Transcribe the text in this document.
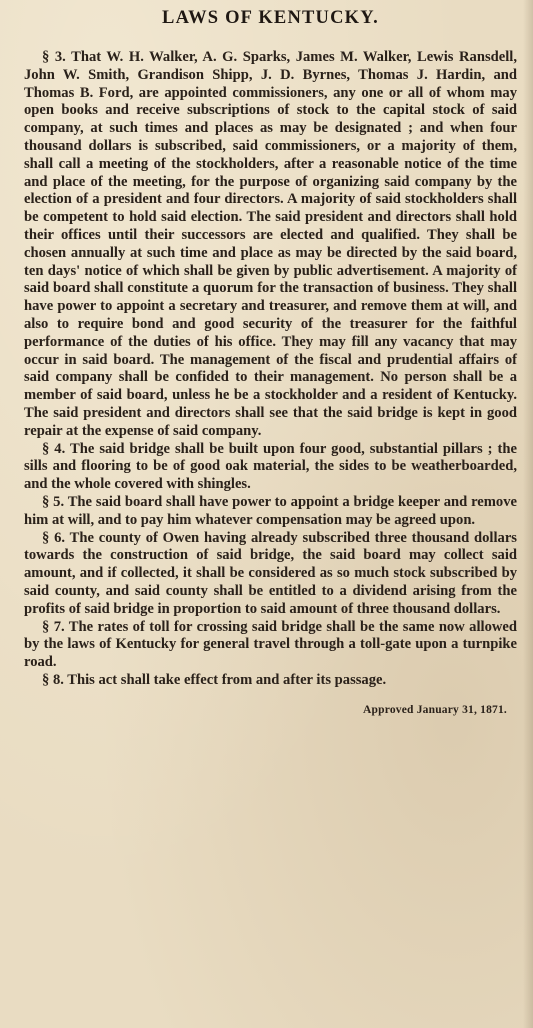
LAWS OF KENTUCKY.

§ 3. That W. H. Walker, A. G. Sparks, James M. Walker, Lewis Ransdell, John W. Smith, Grandison Shipp, J. D. Byrnes, Thomas J. Hardin, and Thomas B. Ford, are appointed commissioners, any one or all of whom may open books and receive subscriptions of stock to the capital stock of said company, at such times and places as may be designated ; and when four thousand dollars is subscribed, said commissioners, or a majority of them, shall call a meeting of the stockholders, after a reasonable notice of the time and place of the meeting, for the purpose of organizing said company by the election of a president and four directors. A majority of said stockholders shall be competent to hold said election. The said president and directors shall hold their offices until their successors are elected and qualified. They shall be chosen annually at such time and place as may be directed by the said board, ten days' notice of which shall be given by public advertisement. A majority of said board shall constitute a quorum for the transaction of business. They shall have power to appoint a secretary and treasurer, and remove them at will, and also to require bond and good security of the treasurer for the faithful performance of the duties of his office. They may fill any vacancy that may occur in said board. The management of the fiscal and prudential affairs of said company shall be confided to their management. No person shall be a member of said board, unless he be a stockholder and a resident of Kentucky. The said president and directors shall see that the said bridge is kept in good repair at the expense of said company.

§ 4. The said bridge shall be built upon four good, substantial pillars ; the sills and flooring to be of good oak material, the sides to be weatherboarded, and the whole covered with shingles.

§ 5. The said board shall have power to appoint a bridge keeper and remove him at will, and to pay him whatever compensation may be agreed upon.

§ 6. The county of Owen having already subscribed three thousand dollars towards the construction of said bridge, the said board may collect said amount, and if collected, it shall be considered as so much stock subscribed by said county, and said county shall be entitled to a dividend arising from the profits of said bridge in proportion to said amount of three thousand dollars.

§ 7. The rates of toll for crossing said bridge shall be the same now allowed by the laws of Kentucky for general travel through a toll-gate upon a turnpike road.

§ 8. This act shall take effect from and after its passage.

Approved January 31, 1871.
